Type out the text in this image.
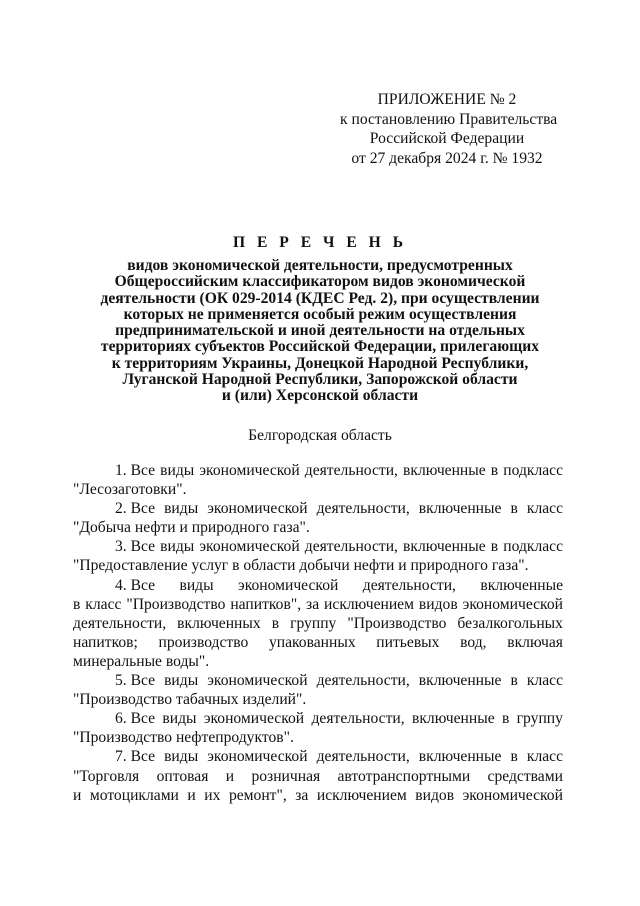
ПРИЛОЖЕНИЕ № 2
к постановлению Правительства
Российской Федерации
от 27 декабря 2024 г. № 1932
П Е Р Е Ч Е Н Ь
видов экономической деятельности, предусмотренных
Общероссийским классификатором видов экономической
деятельности (ОК 029-2014 (КДЕС Ред. 2), при осуществлении
которых не применяется особый режим осуществления
предпринимательской и иной деятельности на отдельных
территориях субъектов Российской Федерации, прилегающих
к территориям Украины, Донецкой Народной Республики,
Луганской Народной Республики, Запорожской области
и (или) Херсонской области
Белгородская область
1. Все виды экономической деятельности, включенные в подкласс
"Лесозаготовки".
2. Все виды экономической деятельности, включенные в класс
"Добыча нефти и природного газа".
3. Все виды экономической деятельности, включенные в подкласс
"Предоставление услуг в области добычи нефти и природного газа".
4. Все виды экономической деятельности, включенные
в класс "Производство напитков", за исключением видов экономической
деятельности, включенных в группу "Производство безалкогольных
напитков; производство упакованных питьевых вод, включая
минеральные воды".
5. Все виды экономической деятельности, включенные в класс
"Производство табачных изделий".
6. Все виды экономической деятельности, включенные в группу
"Производство нефтепродуктов".
7. Все виды экономической деятельности, включенные в класс
"Торговля оптовая и розничная автотранспортными средствами
и мотоциклами и их ремонт", за исключением видов экономической
